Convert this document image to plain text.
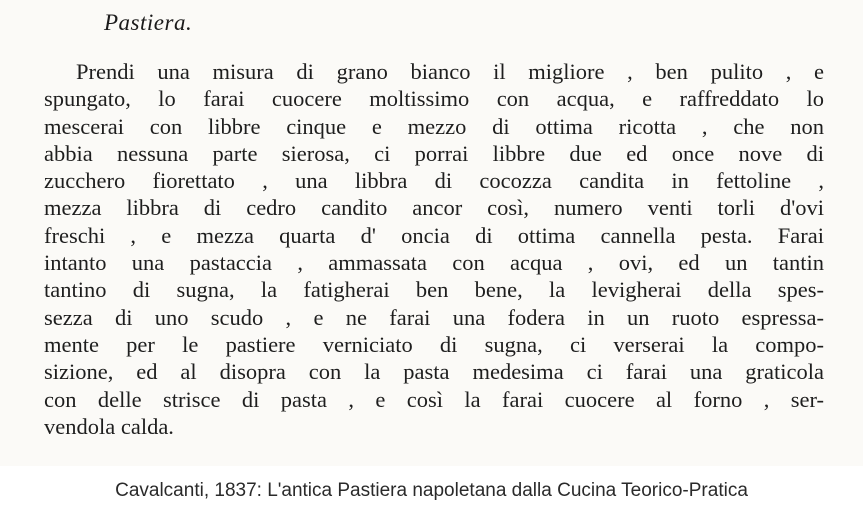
Pastiera.

Prendi una misura di grano bianco il migliore , ben pulito , e
spungato, lo farai cuocere moltissimo con acqua, e raffreddato lo
mescerai con libbre cinque e mezzo di ottima ricotta , che non
abbia nessuna parte sierosa, ci porrai libbre due ed once nove di
zucchero fiorettato , una libbra di cocozza candita in fettoline ,
mezza libbra di cedro candito ancor così, numero venti torli d'ovi
freschi , e mezza quarta d' oncia di ottima cannella pesta. Farai
intanto una pastaccia , ammassata con acqua , ovi, ed un tantin
tantino di sugna, la fatigherai ben bene, la levigherai della spes-
sezza di uno scudo , e ne farai una fodera in un ruoto espressa-
mente per le pastiere verniciato di sugna, ci verserai la compo-
sizione, ed al disopra con la pasta medesima ci farai una graticola
con delle strisce di pasta , e così la farai cuocere al forno , ser-
vendola calda.

Cavalcanti, 1837: L'antica Pastiera napoletana dalla Cucina Teorico-Pratica
